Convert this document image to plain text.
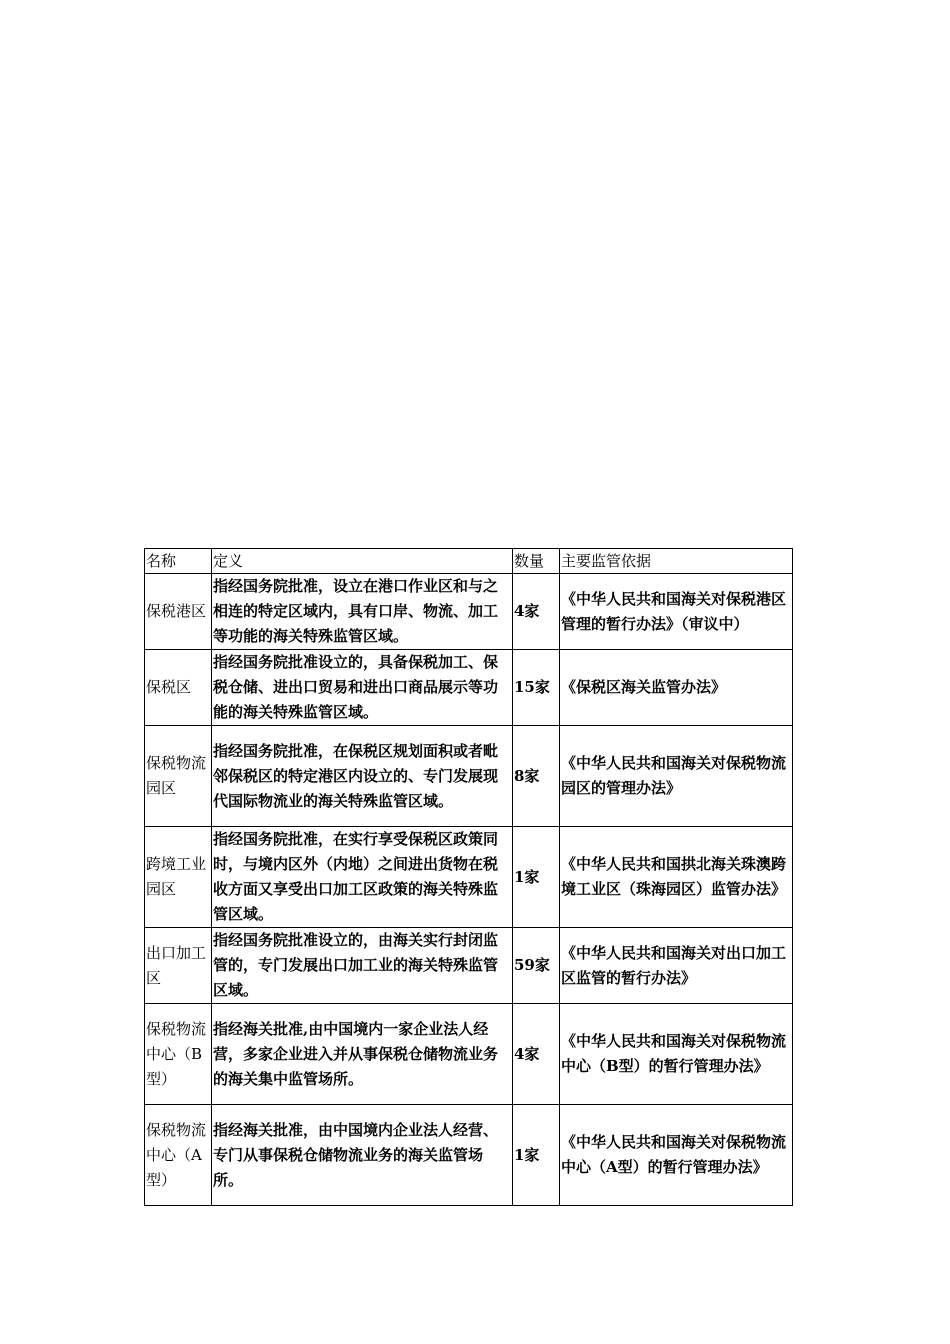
名称	定义	数量	主要监管依据
保税港区	指经国务院批准，设立在港口作业区和与之相连的特定区域内，具有口岸、物流、加工等功能的海关特殊监管区域。	4家	《中华人民共和国海关对保税港区管理的暂行办法》（审议中）
保税区	指经国务院批准设立的，具备保税加工、保税仓储、进出口贸易和进出口商品展示等功能的海关特殊监管区域。	15家	《保税区海关监管办法》
保税物流园区	指经国务院批准，在保税区规划面积或者毗邻保税区的特定港区内设立的、专门发展现代国际物流业的海关特殊监管区域。	8家	《中华人民共和国海关对保税物流园区的管理办法》
跨境工业园区	指经国务院批准，在实行享受保税区政策同时，与境内区外（内地）之间进出货物在税收方面又享受出口加工区政策的海关特殊监管区域。	1家	《中华人民共和国拱北海关珠澳跨境工业区（珠海园区）监管办法》
出口加工区	指经国务院批准设立的，由海关实行封闭监管的，专门发展出口加工业的海关特殊监管区域。	59家	《中华人民共和国海关对出口加工区监管的暂行办法》
保税物流中心（B型）	指经海关批准,由中国境内一家企业法人经营，多家企业进入并从事保税仓储物流业务的海关集中监管场所。	4家	《中华人民共和国海关对保税物流中心（B型）的暂行管理办法》
保税物流中心（A型）	指经海关批准，由中国境内企业法人经营、专门从事保税仓储物流业务的海关监管场所。	1家	《中华人民共和国海关对保税物流中心（A型）的暂行管理办法》
